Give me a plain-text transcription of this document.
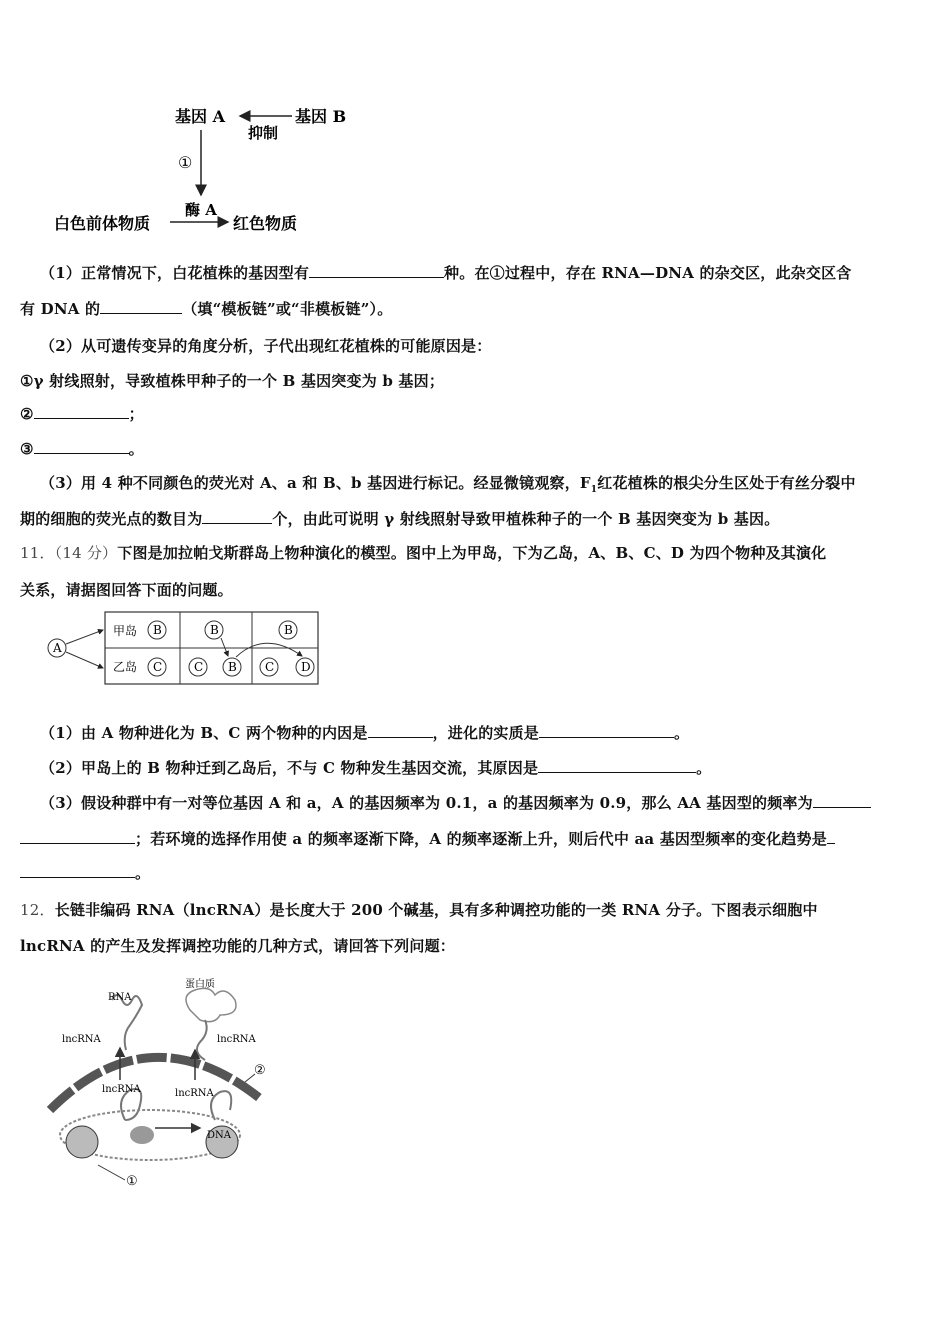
基因 A	基因 B
抑制
①
酶 A
白色前体物质	红色物质
（1）正常情况下，白花植株的基因型有	种。在①过程中，存在 RNA—DNA 的杂交区，此杂交区含
有 DNA 的	（填“模板链”或“非模板链”）。
（2）从可遗传变异的角度分析，子代出现红花植株的可能原因是：
①γ 射线照射，导致植株甲种子的一个 B 基因突变为 b 基因；
②	；
③	。
（3）用 4 种不同颜色的荧光对 A、a 和 B、b 基因进行标记。经显微镜观察，$F_1$红花植株的根尖分生区处于有丝分裂中
期的细胞的荧光点的数目为	个，由此可说明 γ 射线照射导致甲植株种子的一个 B 基因突变为 b 基因。
11．（14 分）下图是加拉帕戈斯群岛上物种演化的模型。图中上为甲岛，下为乙岛，A、B、C、D 为四个物种及其演化
关系，请据图回答下面的问题。
A
甲岛
乙岛
B
C
B
C B
B
C D
（1）由 A 物种进化为 B、C 两个物种的内因是	，进化的实质是	。
（2）甲岛上的 B 物种迁到乙岛后，不与 C 物种发生基因交流，其原因是	。
（3）假设种群中有一对等位基因 A 和 a，A 的基因频率为 0.1，a 的基因频率为 0.9，那么 AA 基因型的频率为
；若环境的选择作用使 a 的频率逐渐下降，A 的频率逐渐上升，则后代中 aa 基因型频率的变化趋势是
。
12．长链非编码 RNA（lncRNA）是长度大于 200 个碱基，具有多种调控功能的一类 RNA 分子。下图表示细胞中
lncRNA 的产生及发挥调控功能的几种方式，请回答下列问题：
RNA
蛋白质
lncRNA	lncRNA
lncRNA	lncRNA
DNA
②
①
